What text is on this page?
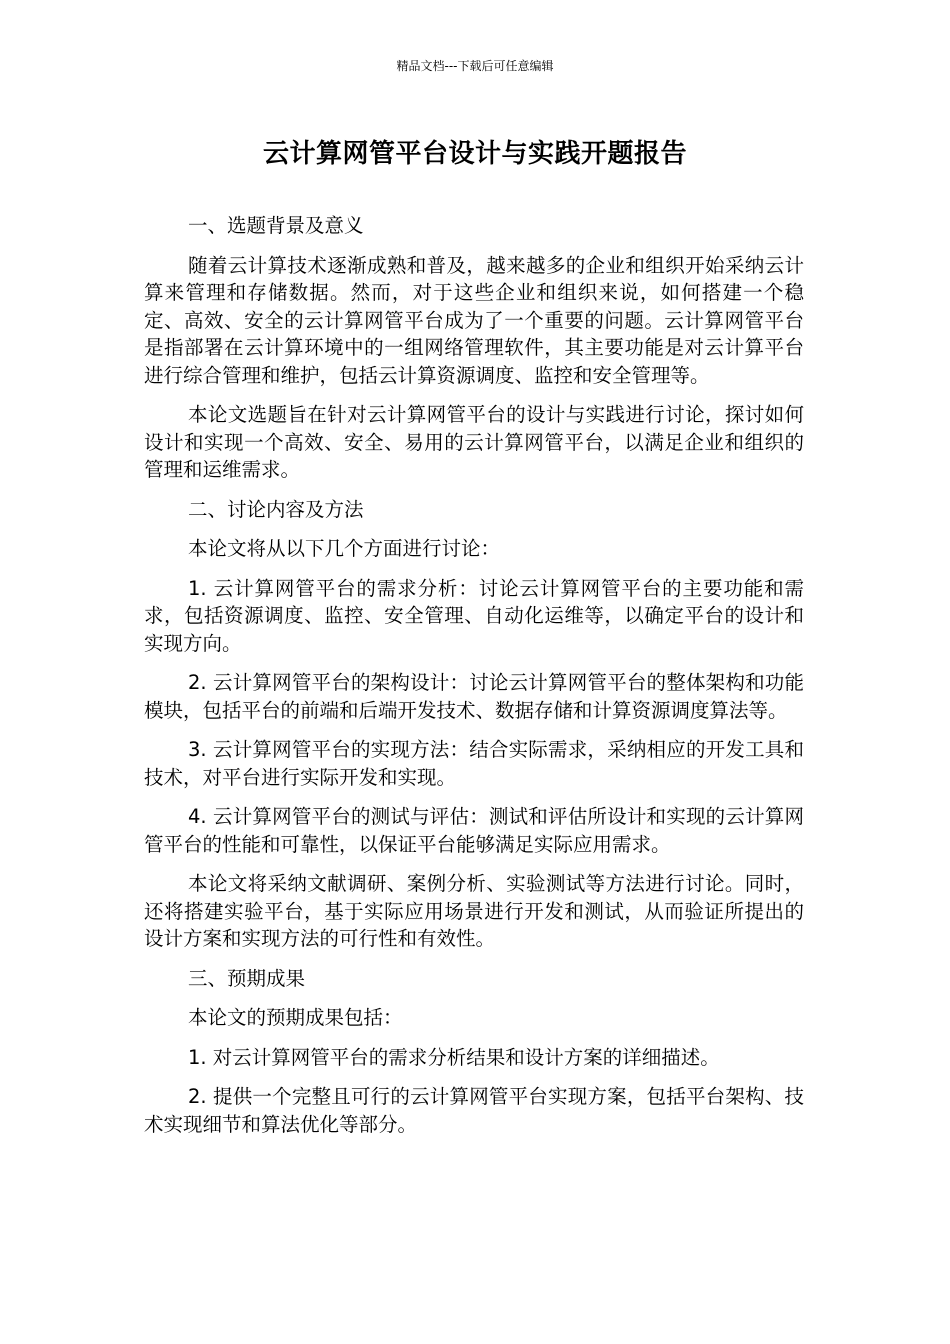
精品文档---下载后可任意编辑
云计算网管平台设计与实践开题报告

一、选题背景及意义

随着云计算技术逐渐成熟和普及，越来越多的企业和组织开始采纳云计算来管理和存储数据。然而，对于这些企业和组织来说，如何搭建一个稳定、高效、安全的云计算网管平台成为了一个重要的问题。云计算网管平台是指部署在云计算环境中的一组网络管理软件，其主要功能是对云计算平台进行综合管理和维护，包括云计算资源调度、监控和安全管理等。

本论文选题旨在针对云计算网管平台的设计与实践进行讨论，探讨如何设计和实现一个高效、安全、易用的云计算网管平台，以满足企业和组织的管理和运维需求。

二、讨论内容及方法

本论文将从以下几个方面进行讨论：

1. 云计算网管平台的需求分析：讨论云计算网管平台的主要功能和需求，包括资源调度、监控、安全管理、自动化运维等，以确定平台的设计和实现方向。

2. 云计算网管平台的架构设计：讨论云计算网管平台的整体架构和功能模块，包括平台的前端和后端开发技术、数据存储和计算资源调度算法等。

3. 云计算网管平台的实现方法：结合实际需求，采纳相应的开发工具和技术，对平台进行实际开发和实现。

4. 云计算网管平台的测试与评估：测试和评估所设计和实现的云计算网管平台的性能和可靠性，以保证平台能够满足实际应用需求。

本论文将采纳文献调研、案例分析、实验测试等方法进行讨论。同时，还将搭建实验平台，基于实际应用场景进行开发和测试，从而验证所提出的设计方案和实现方法的可行性和有效性。

三、预期成果

本论文的预期成果包括：

1. 对云计算网管平台的需求分析结果和设计方案的详细描述。

2. 提供一个完整且可行的云计算网管平台实现方案，包括平台架构、技术实现细节和算法优化等部分。
